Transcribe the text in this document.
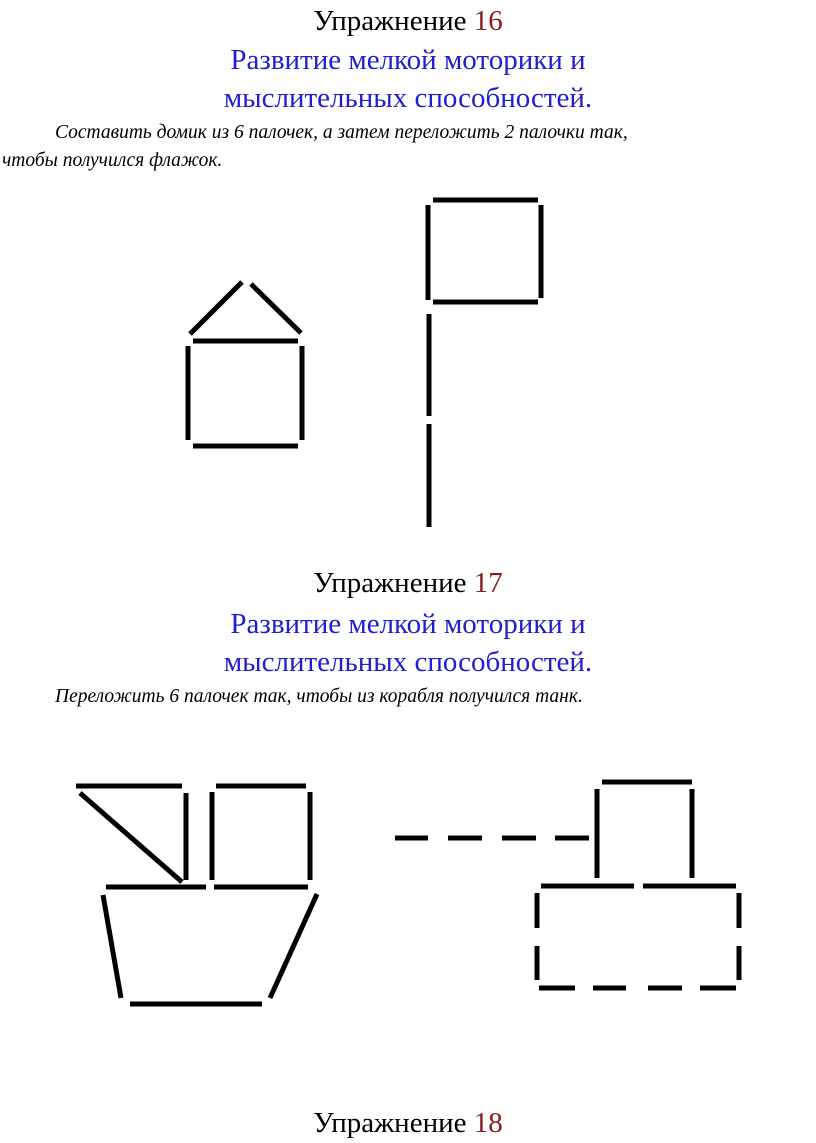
Упражнение 16
Развитие мелкой моторики и
мыслительных способностей.
Составить домик из 6 палочек, а затем переложить 2 палочки так,
чтобы получился флажок.
Упражнение 17
Развитие мелкой моторики и
мыслительных способностей.
Переложить 6 палочек так, чтобы из корабля получился танк.
Упражнение 18
